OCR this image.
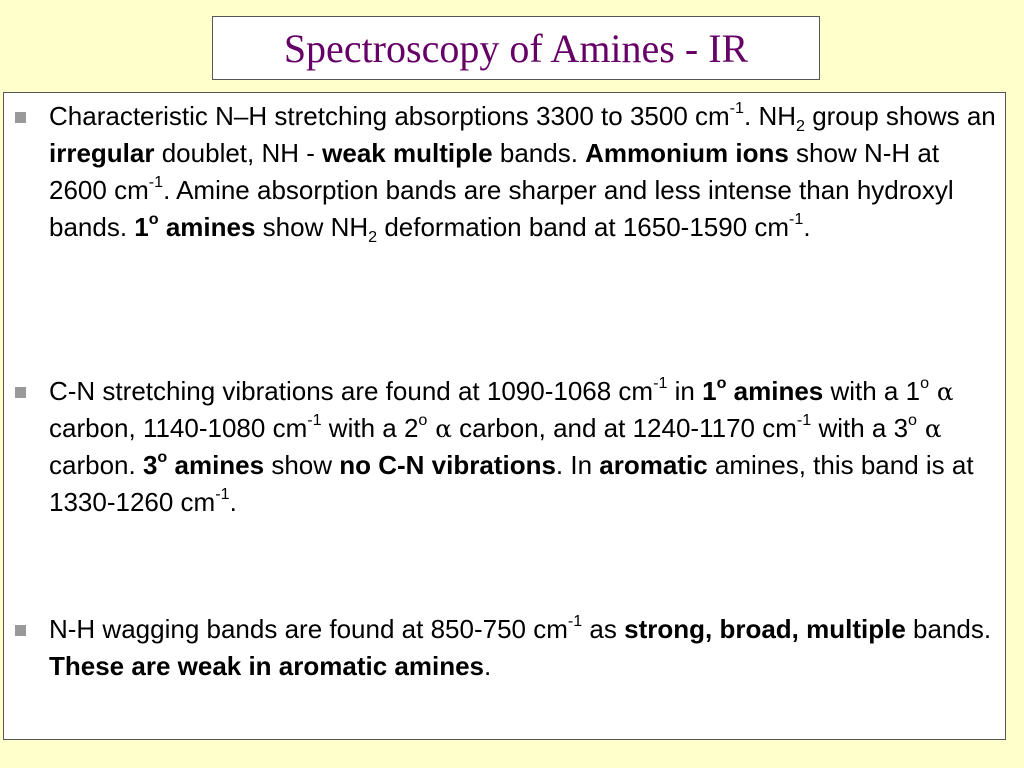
Spectroscopy of Amines - IR
Characteristic N–H stretching absorptions 3300 to 3500 $cm^{-1}$. $NH_2$ group shows an irregular doublet, NH - weak multiple bands. Ammonium ions show N-H at 2600 $cm^{-1}$. Amine absorption bands are sharper and less intense than hydroxyl bands. 1$^o$ amines show $NH_2$ deformation band at 1650-1590 $cm^{-1}$.
C-N stretching vibrations are found at 1090-1068 $cm^{-1}$ in 1$^o$ amines with a 1$^o$ α carbon, 1140-1080 $cm^{-1}$ with a 2$^o$ α carbon, and at 1240-1170 $cm^{-1}$ with a 3$^o$ α carbon. 3$^o$ amines show no C-N vibrations. In aromatic amines, this band is at 1330-1260 $cm^{-1}$.
N-H wagging bands are found at 850-750 $cm^{-1}$ as strong, broad, multiple bands. These are weak in aromatic amines.
